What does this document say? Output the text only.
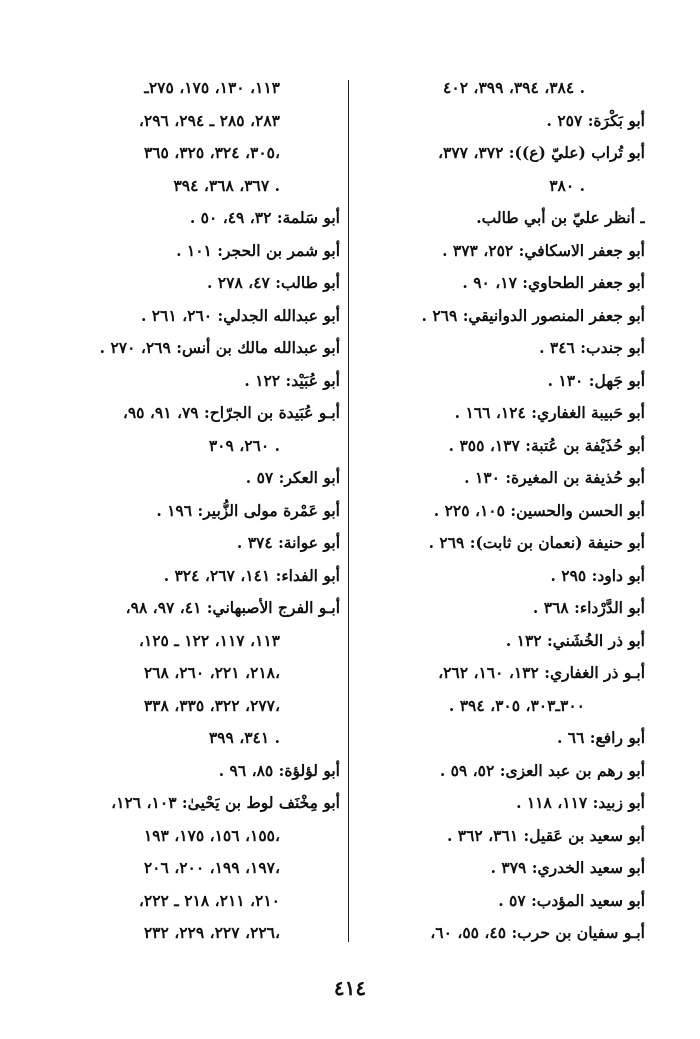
٣٨٤، ٣٩٤، ٣٩٩، ٤٠٢ .
أبو بَكْرَة: ٢٥٧ .
أبو تُراب (عليّ (ع)): ٣٧٢، ٣٧٧،
٣٨٠ .
ـ أنظر عليّ بن أبي طالب.
أبو جعفر الاسكافي: ٢٥٢، ٣٧٣ .
أبو جعفر الطحاوي: ١٧، ٩٠ .
أبو جعفر المنصور الدوانيقي: ٢٦٩ .
أبو جندب: ٣٤٦ .
أبو جَهل: ١٣٠ .
أبو حَبيبة الغفاري: ١٢٤، ١٦٦ .
أبو حُذَيْفة بن عُتبة: ١٣٧، ٣٥٥ .
أبو حُذيفة بن المغيرة: ١٣٠ .
أبو الحسن والحسين: ١٠٥، ٢٢٥ .
أبو حنيفة (نعمان بن ثابت): ٢٦٩ .
أبو داود: ٢٩٥ .
أبو الدَّرْداء: ٣٦٨ .
أبو ذر الخُشَني: ١٣٢ .
أبـو ذر الغفاري: ١٣٢، ١٦٠، ٢٦٢،
٣٠٠ـ٣٠٣، ٣٠٥، ٣٩٤ .
أبو رافع: ٦٦ .
أبو رهم بن عبد العزى: ٥٢، ٥٩ .
أبو زبيد: ١١٧، ١١٨ .
أبو سعيد بن عَقيل: ٣٦١، ٣٦٢ .
أبو سعيد الخدري: ٣٧٩ .
أبو سعيد المؤدب: ٥٧ .
أبـو سفيان بن حرب: ٤٥، ٥٥، ٦٠،
١١٣، ١٣٠، ١٧٥، ٢٧٥ـ
٢٨٣، ٢٨٥ ـ ٢٩٤، ٢٩٦،
٣٠٥، ٣٢٤، ٣٢٥، ٣٦٥،
٣٦٧، ٣٦٨، ٣٩٤ .
أبو سَلمة: ٣٢، ٤٩، ٥٠ .
أبو شمر بن الحجر: ١٠١ .
أبو طالب: ٤٧، ٢٧٨ .
أبو عبدالله الجدلي: ٢٦٠، ٢٦١ .
أبو عبدالله مالك بن أنس: ٢٦٩، ٢٧٠ .
أبو عُبَيْد: ١٢٢ .
أبـو عُبَيدة بن الجرّاح: ٧٩، ٩١، ٩٥،
٢٦٠، ٣٠٩ .
أبو العكر: ٥٧ .
أبو عَمْرة مولى الزُّبير: ١٩٦ .
أبو عوانة: ٣٧٤ .
أبو الفداء: ١٤١، ٢٦٧، ٣٢٤ .
أبـو الفرج الأصبهاني: ٤١، ٩٧، ٩٨،
١١٣، ١١٧، ١٢٢ ـ ١٢٥،
٢١٨، ٢٢١، ٢٦٠، ٢٦٨،
٢٧٧، ٣٢٢، ٣٣٥، ٣٣٨،
٣٤١، ٣٩٩ .
أبو لؤلؤة: ٨٥، ٩٦ .
أبو مِخْنَف لوط بن يَحْيىٰ: ١٠٣، ١٢٦،
١٥٥، ١٥٦، ١٧٥، ١٩٣،
١٩٧، ١٩٩، ٢٠٠، ٢٠٦،
٢١٠، ٢١١، ٢١٨ ـ ٢٢٢،
٢٢٦، ٢٢٧، ٢٢٩، ٢٣٢،
٤١٤
